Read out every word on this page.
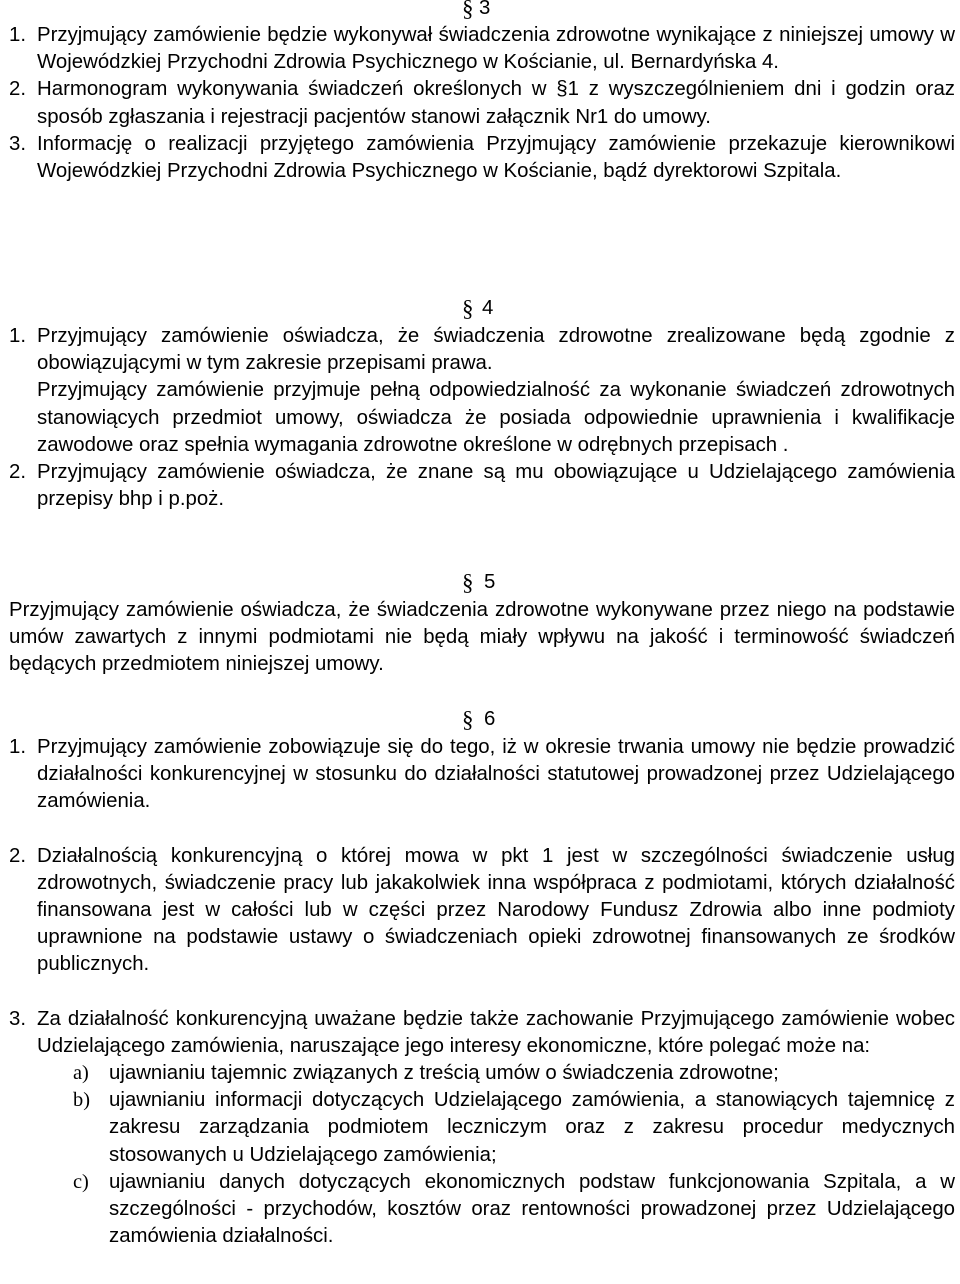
§ 3
1. Przyjmujący zamówienie będzie wykonywał świadczenia zdrowotne wynikające z niniejszej umowy w Wojewódzkiej Przychodni Zdrowia Psychicznego w Kościanie, ul. Bernardyńska 4.
2. Harmonogram wykonywania świadczeń określonych w §1 z wyszczególnieniem dni i godzin oraz sposób zgłaszania i rejestracji pacjentów stanowi załącznik Nr1 do umowy.
3. Informację o realizacji przyjętego zamówienia Przyjmujący zamówienie przekazuje kierownikowi Wojewódzkiej Przychodni Zdrowia Psychicznego w Kościanie, bądź dyrektorowi Szpitala.
§ 4
1. Przyjmujący zamówienie oświadcza, że świadczenia zdrowotne zrealizowane będą zgodnie z obowiązującymi w tym zakresie przepisami prawa.
Przyjmujący zamówienie przyjmuje pełną odpowiedzialność za wykonanie świadczeń zdrowotnych stanowiących przedmiot umowy, oświadcza że posiada odpowiednie uprawnienia i kwalifikacje zawodowe oraz spełnia wymagania zdrowotne określone w odrębnych przepisach .
2. Przyjmujący zamówienie oświadcza, że znane są mu obowiązujące u Udzielającego zamówienia przepisy bhp i p.poż.
§ 5
Przyjmujący zamówienie oświadcza, że świadczenia zdrowotne wykonywane przez niego na podstawie umów zawartych z innymi podmiotami nie będą miały wpływu na jakość i terminowość świadczeń będących przedmiotem niniejszej umowy.
§ 6
1. Przyjmujący zamówienie zobowiązuje się do tego, iż w okresie trwania umowy nie będzie prowadzić działalności konkurencyjnej w stosunku do działalności statutowej prowadzonej przez Udzielającego zamówienia.
2. Działalnością konkurencyjną o której mowa w pkt 1 jest w szczególności świadczenie usług zdrowotnych, świadczenie pracy lub jakakolwiek inna współpraca z podmiotami, których działalność finansowana jest w całości lub w części przez Narodowy Fundusz Zdrowia albo inne podmioty uprawnione na podstawie ustawy o świadczeniach opieki zdrowotnej finansowanych ze środków publicznych.
3. Za działalność konkurencyjną uważane będzie także zachowanie Przyjmującego zamówienie wobec Udzielającego zamówienia, naruszające jego interesy ekonomiczne, które polegać może na:
a) ujawnianiu tajemnic związanych z treścią umów o świadczenia zdrowotne;
b) ujawnianiu informacji dotyczących Udzielającego zamówienia, a stanowiących tajemnicę z zakresu zarządzania podmiotem leczniczym oraz z zakresu procedur medycznych stosowanych u Udzielającego zamówienia;
c) ujawnianiu danych dotyczących ekonomicznych podstaw funkcjonowania Szpitala, a w szczególności - przychodów, kosztów oraz rentowności prowadzonej przez Udzielającego zamówienia działalności.
